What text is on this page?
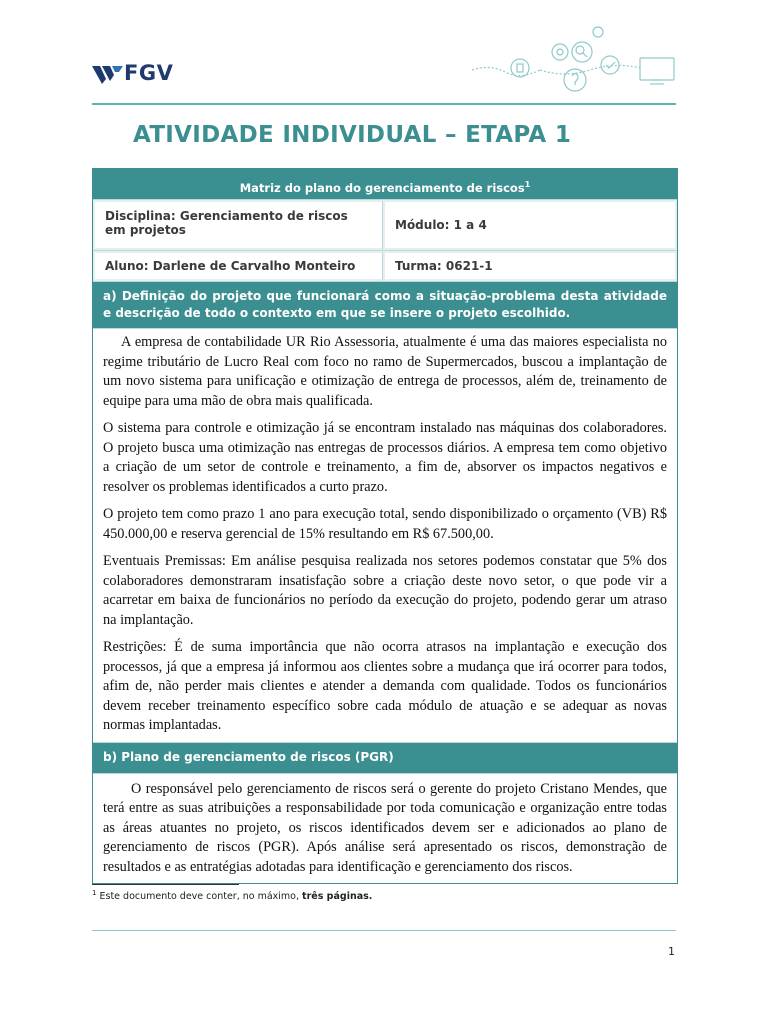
FGV
ATIVIDADE INDIVIDUAL – ETAPA 1
Matriz do plano do gerenciamento de riscos$^1$
Disciplina: Gerenciamento de riscos em projetos	Módulo: 1 a 4
Aluno: Darlene de Carvalho Monteiro	Turma: 0621-1
a) Definição do projeto que funcionará como a situação-problema desta atividade e descrição de todo o contexto em que se insere o projeto escolhido.

A empresa de contabilidade UR Rio Assessoria, atualmente é uma das maiores especialista no regime tributário de Lucro Real com foco no ramo de Supermercados, buscou a implantação de um novo sistema para unificação e otimização de entrega de processos, além de, treinamento de equipe para uma mão de obra mais qualificada.

O sistema para controle e otimização já se encontram instalado nas máquinas dos colaboradores. O projeto busca uma otimização nas entregas de processos diários. A empresa tem como objetivo a criação de um setor de controle e treinamento, a fim de, absorver os impactos negativos e resolver os problemas identificados a curto prazo.

O projeto tem como prazo 1 ano para execução total, sendo disponibilizado o orçamento (VB) R$ 450.000,00 e reserva gerencial de 15% resultando em R$ 67.500,00.

Eventuais Premissas: Em análise pesquisa realizada nos setores podemos constatar que 5% dos colaboradores demonstraram insatisfação sobre a criação deste novo setor, o que pode vir a acarretar em baixa de funcionários no período da execução do projeto, podendo gerar um atraso na implantação.

Restrições: É de suma importância que não ocorra atrasos na implantação e execução dos processos, já que a empresa já informou aos clientes sobre a mudança que irá ocorrer para todos, afim de, não perder mais clientes e atender a demanda com qualidade. Todos os funcionários devem receber treinamento específico sobre cada módulo de atuação e se adequar as novas normas implantadas.

b) Plano de gerenciamento de riscos (PGR)

O responsável pelo gerenciamento de riscos será o gerente do projeto Cristano Mendes, que terá entre as suas atribuições a responsabilidade por toda comunicação e organização entre todas as áreas atuantes no projeto, os riscos identificados devem ser e adicionados ao plano de gerenciamento de riscos (PGR). Após análise será apresentado os riscos, demonstração de resultados e as entratégias adotadas para identificação e gerenciamento dos riscos.

$^1$ Este documento deve conter, no máximo, três páginas.
1
